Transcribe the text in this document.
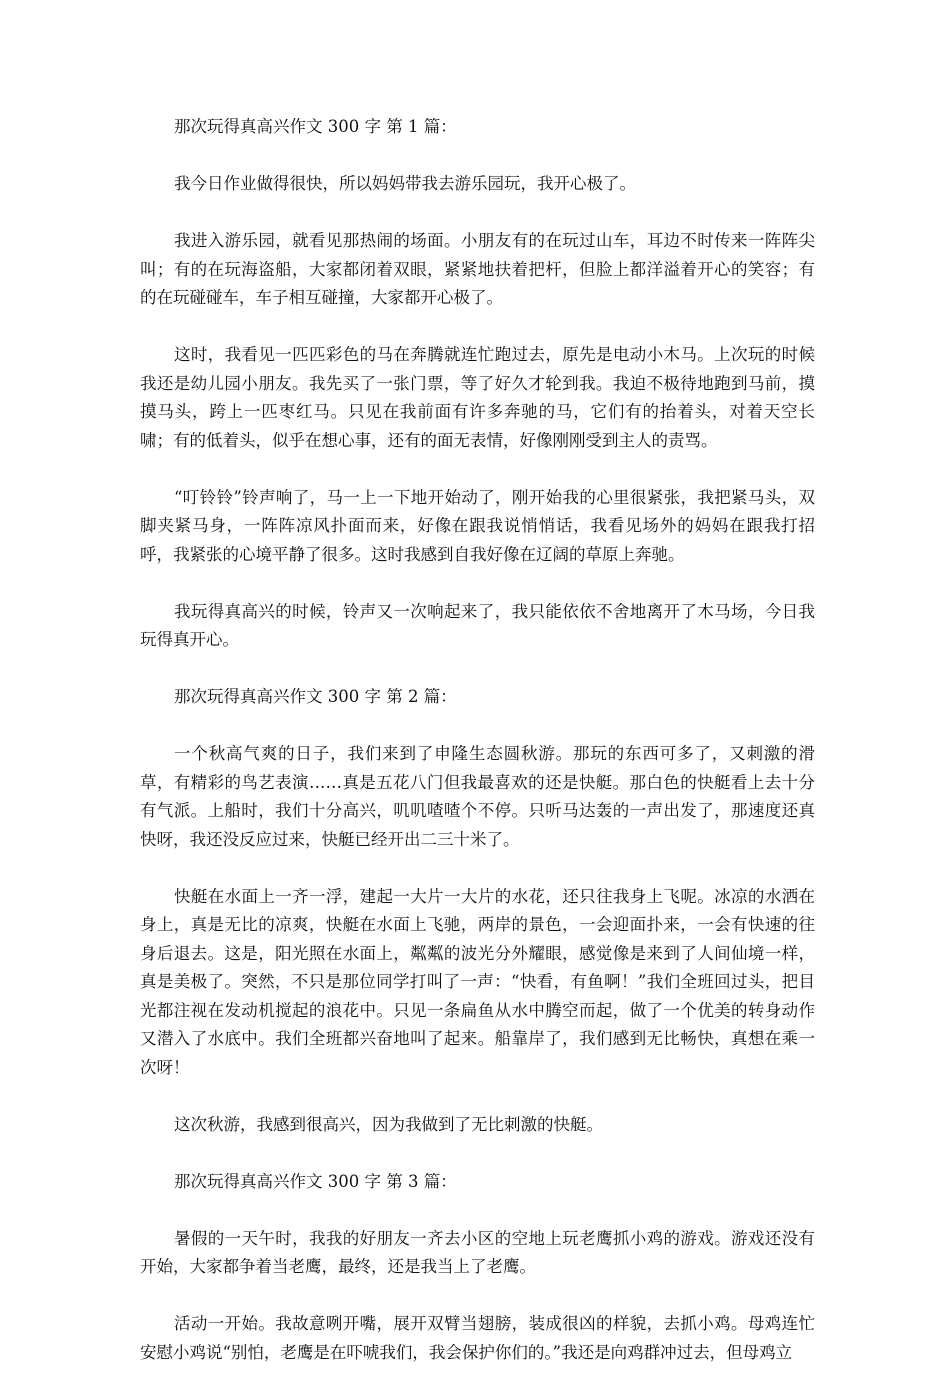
那次玩得真高兴作文 300 字 第 1 篇：

我今日作业做得很快，所以妈妈带我去游乐园玩，我开心极了。

我进入游乐园，就看见那热闹的场面。小朋友有的在玩过山车，耳边不时传来一阵阵尖叫；有的在玩海盗船，大家都闭着双眼，紧紧地扶着把杆，但脸上都洋溢着开心的笑容；有的在玩碰碰车，车子相互碰撞，大家都开心极了。

这时，我看见一匹匹彩色的马在奔腾就连忙跑过去，原先是电动小木马。上次玩的时候我还是幼儿园小朋友。我先买了一张门票，等了好久才轮到我。我迫不极待地跑到马前，摸摸马头，跨上一匹枣红马。只见在我前面有许多奔驰的马，它们有的抬着头，对着天空长啸；有的低着头，似乎在想心事，还有的面无表情，好像刚刚受到主人的责骂。

“叮铃铃”铃声响了，马一上一下地开始动了，刚开始我的心里很紧张，我把紧马头，双脚夹紧马身，一阵阵凉风扑面而来，好像在跟我说悄悄话，我看见场外的妈妈在跟我打招呼，我紧张的心境平静了很多。这时我感到自我好像在辽阔的草原上奔驰。

我玩得真高兴的时候，铃声又一次响起来了，我只能依依不舍地离开了木马场，今日我玩得真开心。

那次玩得真高兴作文 300 字 第 2 篇：

一个秋高气爽的日子，我们来到了申隆生态圆秋游。那玩的东西可多了，又刺激的滑草，有精彩的鸟艺表演……真是五花八门但我最喜欢的还是快艇。那白色的快艇看上去十分有气派。上船时，我们十分高兴，叽叽喳喳个不停。只听马达轰的一声出发了，那速度还真快呀，我还没反应过来，快艇已经开出二三十米了。

快艇在水面上一齐一浮，建起一大片一大片的水花，还只往我身上飞呢。冰凉的水洒在身上，真是无比的凉爽，快艇在水面上飞驰，两岸的景色，一会迎面扑来，一会有快速的往身后退去。这是，阳光照在水面上，粼粼的波光分外耀眼，感觉像是来到了人间仙境一样，真是美极了。突然，不只是那位同学打叫了一声：“快看，有鱼啊！”我们全班回过头，把目光都注视在发动机搅起的浪花中。只见一条扁鱼从水中腾空而起，做了一个优美的转身动作又潜入了水底中。我们全班都兴奋地叫了起来。船靠岸了，我们感到无比畅快，真想在乘一次呀！

这次秋游，我感到很高兴，因为我做到了无比刺激的快艇。

那次玩得真高兴作文 300 字 第 3 篇：

暑假的一天午时，我我的好朋友一齐去小区的空地上玩老鹰抓小鸡的游戏。游戏还没有开始，大家都争着当老鹰，最终，还是我当上了老鹰。

活动一开始。我故意咧开嘴，展开双臂当翅膀，装成很凶的样貌，去抓小鸡。母鸡连忙安慰小鸡说“别怕，老鹰是在吓唬我们，我会保护你们的。”我还是向鸡群冲过去，但母鸡立
